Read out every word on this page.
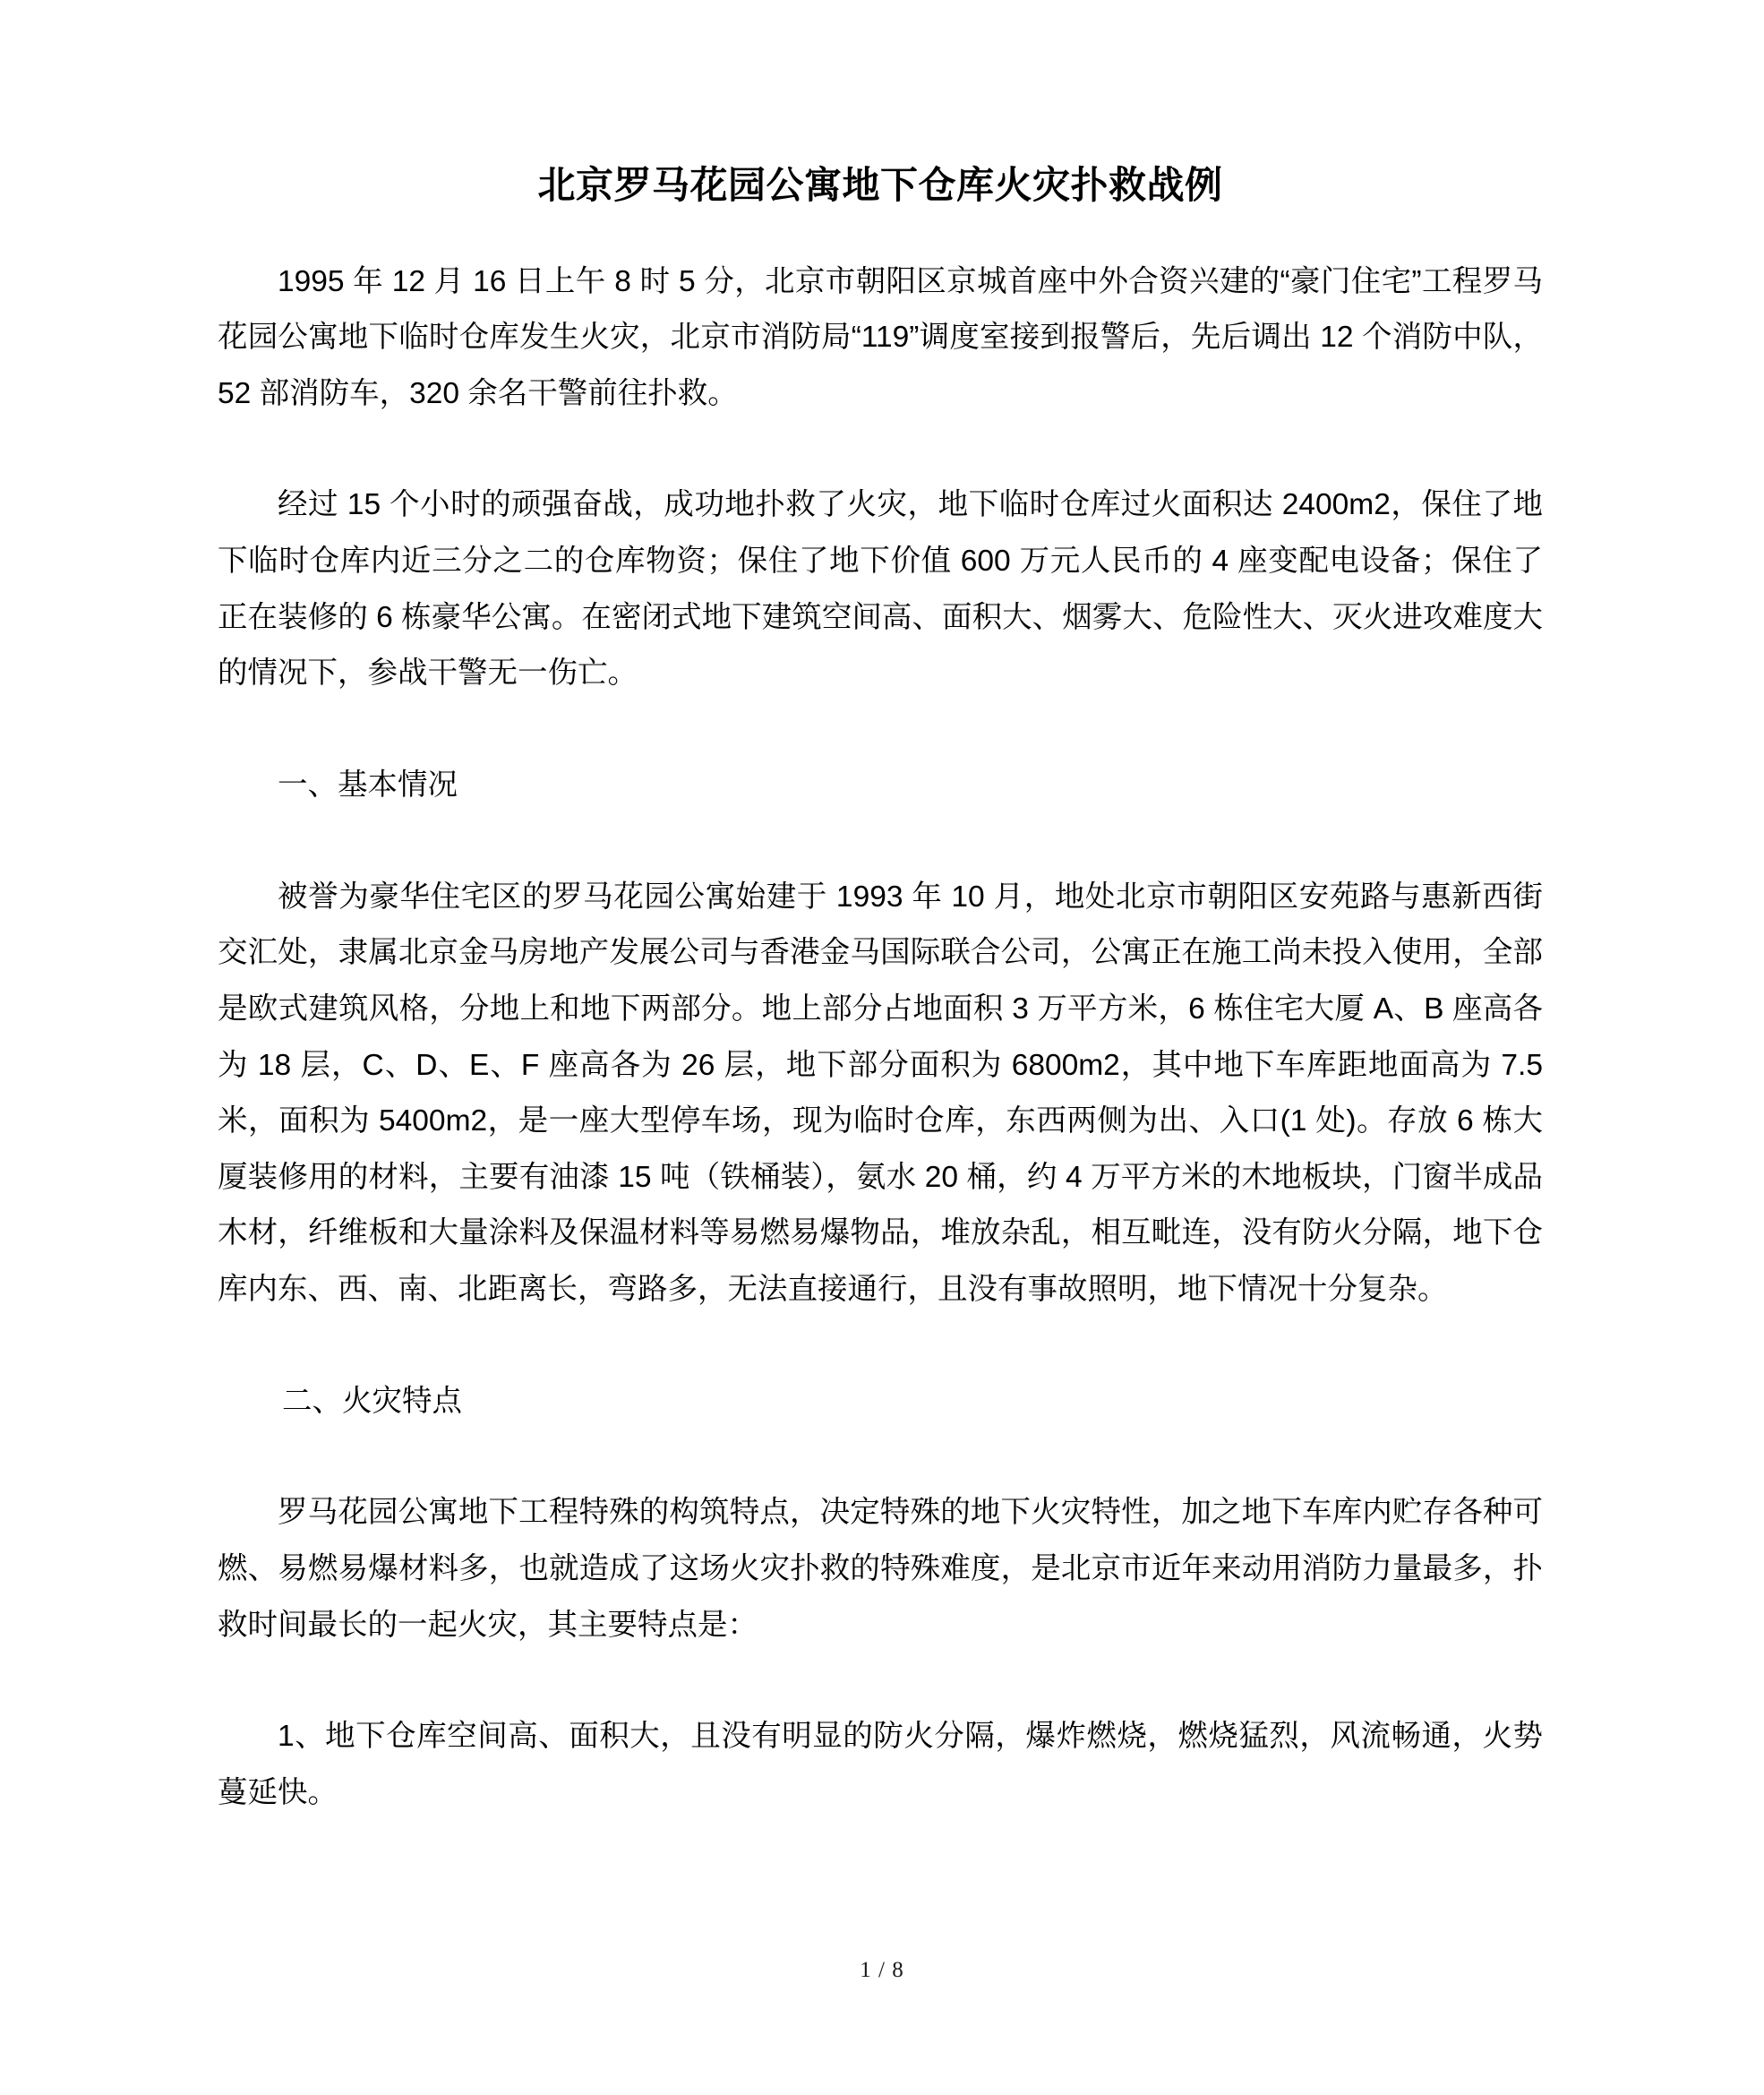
北京罗马花园公寓地下仓库火灾扑救战例

1995 年 12 月 16 日上午 8 时 5 分，北京市朝阳区京城首座中外合资兴建的“豪门住宅”工程罗马花园公寓地下临时仓库发生火灾，北京市消防局“119”调度室接到报警后，先后调出 12 个消防中队，52 部消防车，320 余名干警前往扑救。

经过 15 个小时的顽强奋战，成功地扑救了火灾，地下临时仓库过火面积达 2400m2，保住了地下临时仓库内近三分之二的仓库物资；保住了地下价值 600 万元人民币的 4 座变配电设备；保住了正在装修的 6 栋豪华公寓。在密闭式地下建筑空间高、面积大、烟雾大、危险性大、灭火进攻难度大的情况下，参战干警无一伤亡。

一、基本情况

被誉为豪华住宅区的罗马花园公寓始建于 1993 年 10 月，地处北京市朝阳区安苑路与惠新西街交汇处，隶属北京金马房地产发展公司与香港金马国际联合公司，公寓正在施工尚未投入使用，全部是欧式建筑风格，分地上和地下两部分。地上部分占地面积 3 万平方米，6 栋住宅大厦 A、B 座高各为 18 层，C、D、E、F 座高各为 26 层，地下部分面积为 6800m2，其中地下车库距地面高为 7.5 米，面积为 5400m2，是一座大型停车场，现为临时仓库，东西两侧为出、入口(1 处)。存放 6 栋大厦装修用的材料，主要有油漆 15 吨（铁桶装），氨水 20 桶，约 4 万平方米的木地板块，门窗半成品木材，纤维板和大量涂料及保温材料等易燃易爆物品，堆放杂乱，相互毗连，没有防火分隔，地下仓库内东、西、南、北距离长，弯路多，无法直接通行，且没有事故照明，地下情况十分复杂。

二、火灾特点

罗马花园公寓地下工程特殊的构筑特点，决定特殊的地下火灾特性，加之地下车库内贮存各种可燃、易燃易爆材料多，也就造成了这场火灾扑救的特殊难度，是北京市近年来动用消防力量最多，扑救时间最长的一起火灾，其主要特点是：

1、地下仓库空间高、面积大，且没有明显的防火分隔，爆炸燃烧，燃烧猛烈，风流畅通，火势蔓延快。

1 / 8
